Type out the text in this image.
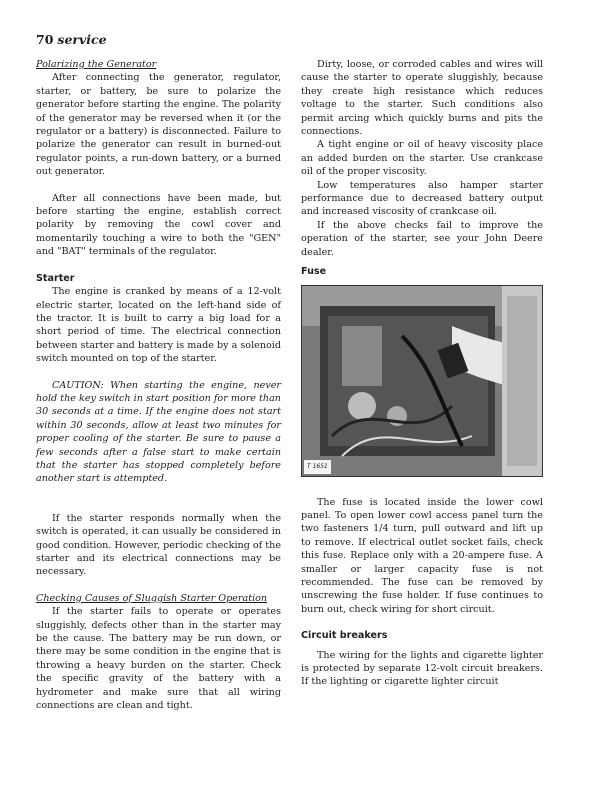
70 service

Polarizing the Generator

After connecting the generator, regulator, starter, or battery, be sure to polarize the generator before starting the engine. The polarity of the generator may be reversed when it (or the regulator or a battery) is disconnected. Failure to polarize the generator can result in burned-out regulator points, a run-down battery, or a burned out generator.

After all connections have been made, but before starting the engine, establish correct polarity by removing the cowl cover and momentarily touching a wire to both the "GEN" and "BAT" terminals of the regulator.

Starter

The engine is cranked by means of a 12-volt electric starter, located on the left-hand side of the tractor. It is built to carry a big load for a short period of time. The electrical connection between starter and battery is made by a solenoid switch mounted on top of the starter.

CAUTION: When starting the engine, never hold the key switch in start position for more than 30 seconds at a time. If the engine does not start within 30 seconds, allow at least two minutes for proper cooling of the starter. Be sure to pause a few seconds after a false start to make certain that the starter has stopped completely before another start is attempted.

If the starter responds normally when the switch is operated, it can usually be considered in good condition. However, periodic checking of the starter and its electrical connections may be necessary.

Checking Causes of Sluggish Starter Operation

If the starter fails to operate or operates sluggishly, defects other than in the starter may be the cause. The battery may be run down, or there may be some condition in the engine that is throwing a heavy burden on the starter. Check the specific gravity of the battery with a hydrometer and make sure that all wiring connections are clean and tight.

Dirty, loose, or corroded cables and wires will cause the starter to operate sluggishly, because they create high resistance which reduces voltage to the starter. Such conditions also permit arcing which quickly burns and pits the connections.

A tight engine or oil of heavy viscosity place an added burden on the starter. Use crankcase oil of the proper viscosity.

Low temperatures also hamper starter performance due to decreased battery output and increased viscosity of crankcase oil.

If the above checks fail to improve the operation of the starter, see your John Deere dealer.

Fuse

T 1651

The fuse is located inside the lower cowl panel. To open lower cowl access panel turn the two fasteners 1/4 turn, pull outward and lift up to remove. If electrical outlet socket fails, check this fuse. Replace only with a 20-ampere fuse. A smaller or larger capacity fuse is not recommended. The fuse can be removed by unscrewing the fuse holder. If fuse continues to burn out, check wiring for short circuit.

Circuit breakers

The wiring for the lights and cigarette lighter is protected by separate 12-volt circuit breakers. If the lighting or cigarette lighter circuit
